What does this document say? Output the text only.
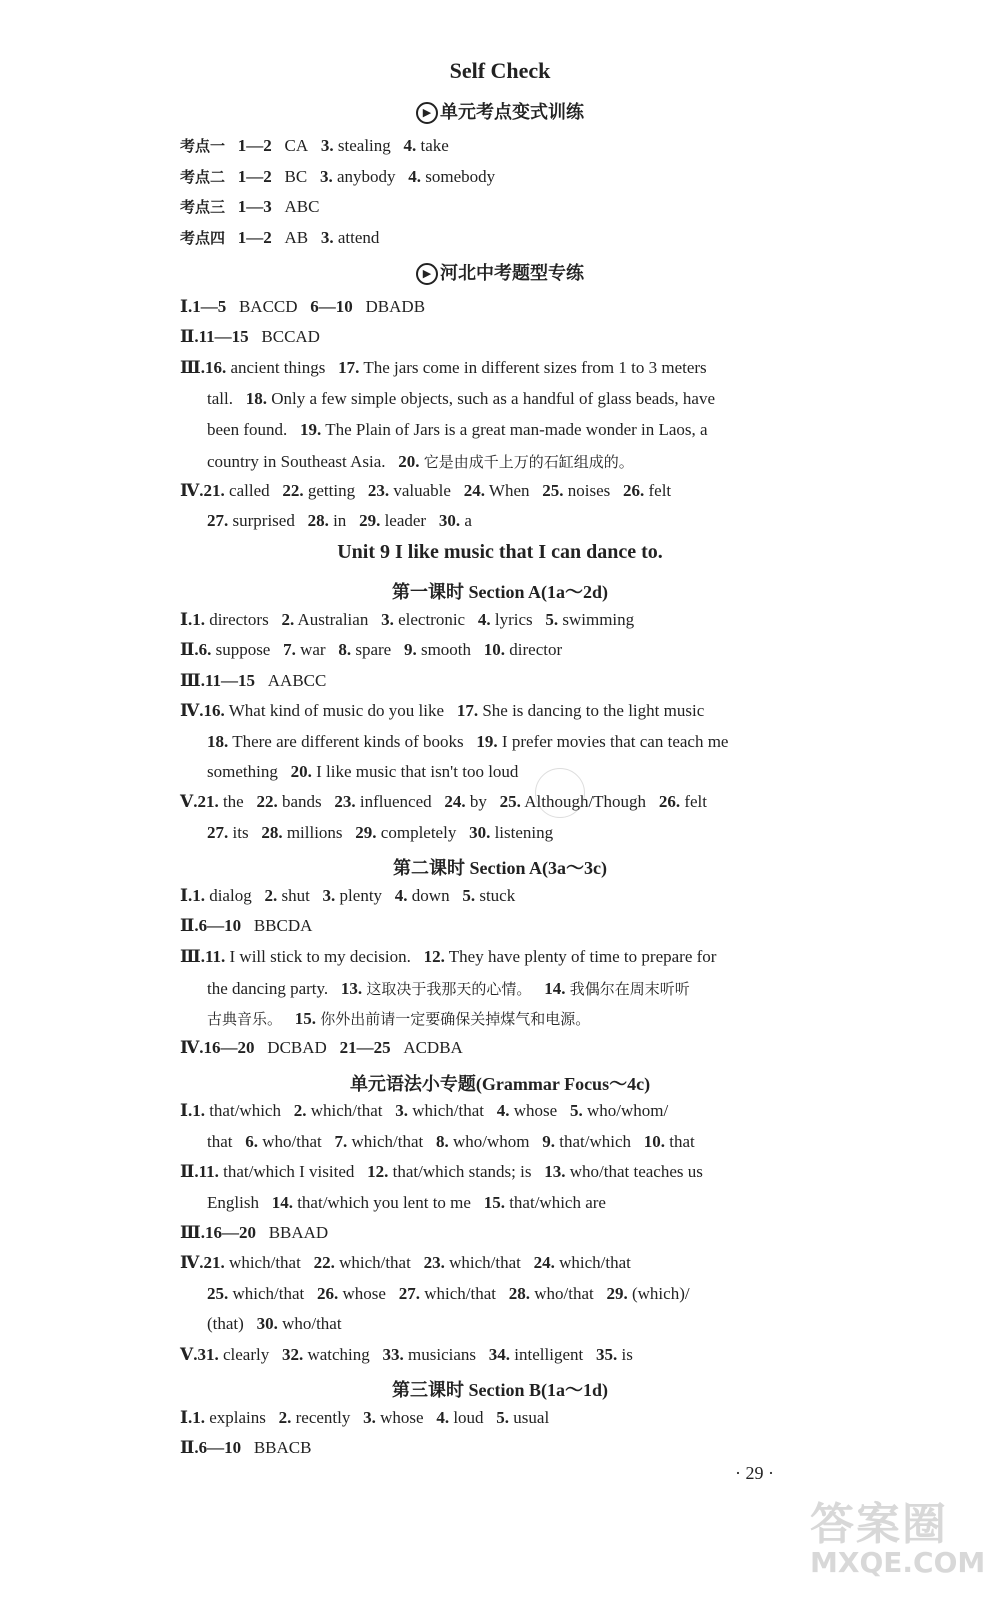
Self Check
▶ 单元考点变式训练
考点一 1—2 CA 3. stealing 4. take
考点二 1—2 BC 3. anybody 4. somebody
考点三 1—3 ABC
考点四 1—2 AB 3. attend
▶ 河北中考题型专练
Ⅰ.1—5 BACCD 6—10 DBADB
Ⅱ.11—15 BCCAD
Ⅲ.16. ancient things 17. The jars come in different sizes from 1 to 3 meters
tall. 18. Only a few simple objects, such as a handful of glass beads, have
been found. 19. The Plain of Jars is a great man-made wonder in Laos, a
country in Southeast Asia. 20. 它是由成千上万的石缸组成的。
Ⅳ.21. called 22. getting 23. valuable 24. When 25. noises 26. felt
27. surprised 28. in 29. leader 30. a
Unit 9 I like music that I can dance to.
第一课时 Section A(1a～2d)
Ⅰ.1. directors 2. Australian 3. electronic 4. lyrics 5. swimming
Ⅱ.6. suppose 7. war 8. spare 9. smooth 10. director
Ⅲ.11—15 AABCC
Ⅳ.16. What kind of music do you like 17. She is dancing to the light music
18. There are different kinds of books 19. I prefer movies that can teach me
something 20. I like music that isn't too loud
Ⅴ.21. the 22. bands 23. influenced 24. by 25. Although/Though 26. felt
27. its 28. millions 29. completely 30. listening
第二课时 Section A(3a～3c)
Ⅰ.1. dialog 2. shut 3. plenty 4. down 5. stuck
Ⅱ.6—10 BBCDA
Ⅲ.11. I will stick to my decision. 12. They have plenty of time to prepare for
the dancing party. 13. 这取决于我那天的心情。 14. 我偶尔在周末听听
古典音乐。 15. 你外出前请一定要确保关掉煤气和电源。
Ⅳ.16—20 DCBAD 21—25 ACDBA
单元语法小专题(Grammar Focus～4c)
Ⅰ.1. that/which 2. which/that 3. which/that 4. whose 5. who/whom/
that 6. who/that 7. which/that 8. who/whom 9. that/which 10. that
Ⅱ.11. that/which I visited 12. that/which stands; is 13. who/that teaches us
English 14. that/which you lent to me 15. that/which are
Ⅲ.16—20 BBAAD
Ⅳ.21. which/that 22. which/that 23. which/that 24. which/that
25. which/that 26. whose 27. which/that 28. who/that 29. (which)/
(that) 30. who/that
Ⅴ.31. clearly 32. watching 33. musicians 34. intelligent 35. is
第三课时 Section B(1a～1d)
Ⅰ.1. explains 2. recently 3. whose 4. loud 5. usual
Ⅱ.6—10 BBACB
· 29 ·
答案圈
MXQE.COM
